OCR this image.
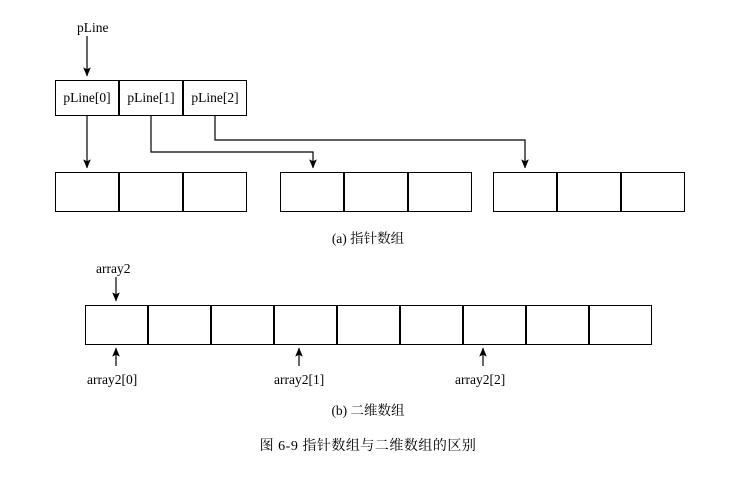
pLine
pLine[0]	pLine[1]	pLine[2]
(a) 指针数组
array2
array2[0]	array2[1]	array2[2]
(b) 二维数组
图 6-9 指针数组与二维数组的区别
